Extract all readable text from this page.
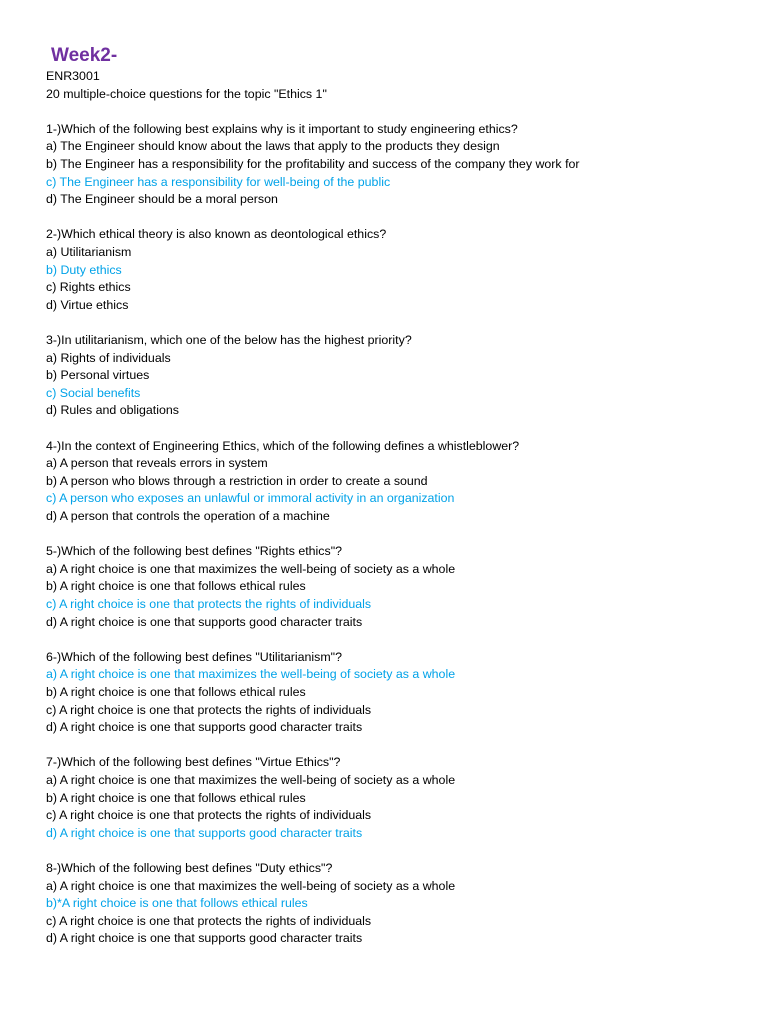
Week2-
ENR3001
20 multiple-choice questions for the topic "Ethics 1"
1-)Which of the following best explains why is it important to study engineering ethics?
a) The Engineer should know about the laws that apply to the products they design
b) The Engineer has a responsibility for the profitability and success of the company they work for
c) The Engineer has a responsibility for well-being of the public
d) The Engineer should be a moral person
2-)Which ethical theory is also known as deontological ethics?
a) Utilitarianism
b) Duty ethics
c) Rights ethics
d) Virtue ethics
3-)In utilitarianism, which one of the below has the highest priority?
a) Rights of individuals
b) Personal virtues
c) Social benefits
d) Rules and obligations
4-)In the context of Engineering Ethics, which of the following defines a whistleblower?
a) A person that reveals errors in system
b) A person who blows through a restriction in order to create a sound
c) A person who exposes an unlawful or immoral activity in an organization
d) A person that controls the operation of a machine
5-)Which of the following best defines "Rights ethics"?
a) A right choice is one that maximizes the well-being of society as a whole
b) A right choice is one that follows ethical rules
c) A right choice is one that protects the rights of individuals
d) A right choice is one that supports good character traits
6-)Which of the following best defines "Utilitarianism"?
a) A right choice is one that maximizes the well-being of society as a whole
b) A right choice is one that follows ethical rules
c) A right choice is one that protects the rights of individuals
d) A right choice is one that supports good character traits
7-)Which of the following best defines "Virtue Ethics"?
a) A right choice is one that maximizes the well-being of society as a whole
b) A right choice is one that follows ethical rules
c) A right choice is one that protects the rights of individuals
d) A right choice is one that supports good character traits
8-)Which of the following best defines "Duty ethics"?
a) A right choice is one that maximizes the well-being of society as a whole
b)*A right choice is one that follows ethical rules
c) A right choice is one that protects the rights of individuals
d) A right choice is one that supports good character traits
